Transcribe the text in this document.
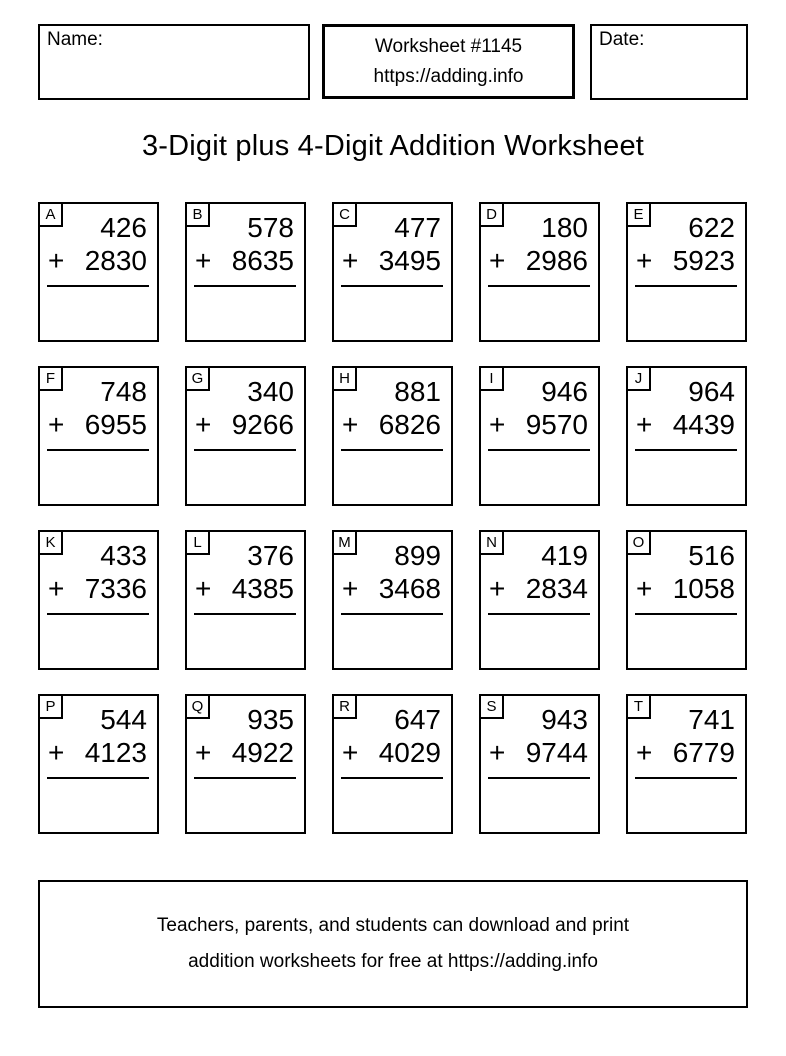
Name:	Worksheet #1145
https://adding.info
Date:
3-Digit plus 4-Digit Addition Worksheet
A	426
+ 2830
B	578
+ 8635
C	477
+ 3495
D	180
+ 2986
E	622
+ 5923
F	748
+ 6955
G	340
+ 9266
H	881
+ 6826
I	946
+ 9570
J	964
+ 4439
K	433
+ 7336
L	376
+ 4385
M	899
+ 3468
N	419
+ 2834
O	516
+ 1058
P	544
+ 4123
Q	935
+ 4922
R	647
+ 4029
S	943
+ 9744
T	741
+ 6779
Teachers, parents, and students can download and print
addition worksheets for free at https://adding.info
